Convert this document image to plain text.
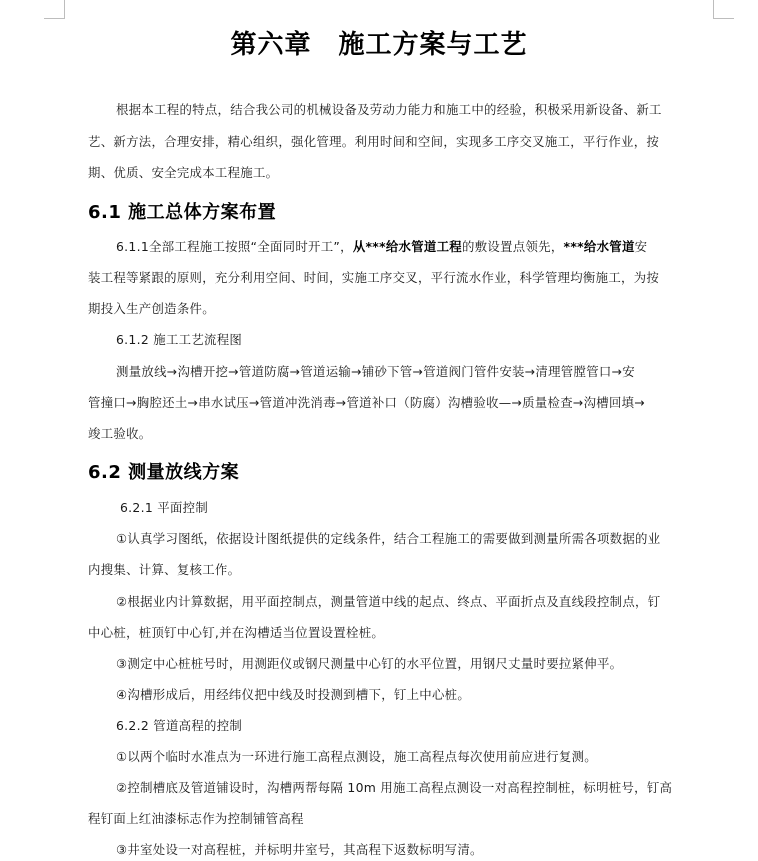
第六章　施工方案与工艺
根据本工程的特点，结合我公司的机械设备及劳动力能力和施工中的经验，积极采用新设备、新工
艺、新方法，合理安排，精心组织，强化管理。利用时间和空间，实现多工序交叉施工，平行作业，按
期、优质、安全完成本工程施工。
6.1 施工总体方案布置
6.1.1全部工程施工按照“全面同时开工”，从***给水管道工程的敷设置点领先，***给水管道安
装工程等紧跟的原则，充分利用空间、时间，实施工序交叉，平行流水作业，科学管理均衡施工，为按
期投入生产创造条件。
6.1.2 施工工艺流程图
测量放线→沟槽开挖→管道防腐→管道运输→铺砂下管→管道阀门管件安装→清理管膛管口→安
管撞口→胸腔还土→串水试压→管道冲洗消毒→管道补口（防腐）沟槽验收—→质量检查→沟槽回填→
竣工验收。
6.2 测量放线方案
6.2.1 平面控制
①认真学习图纸，依据设计图纸提供的定线条件，结合工程施工的需要做到测量所需各项数据的业
内搜集、计算、复核工作。
②根据业内计算数据，用平面控制点，测量管道中线的起点、终点、平面折点及直线段控制点，钉
中心桩，桩顶钉中心钉,并在沟槽适当位置设置栓桩。
③测定中心桩桩号时，用测距仪或钢尺测量中心钉的水平位置，用钢尺丈量时要拉紧伸平。
④沟槽形成后，用经纬仪把中线及时投测到槽下，钉上中心桩。
6.2.2 管道高程的控制
①以两个临时水准点为一环进行施工高程点测设，施工高程点每次使用前应进行复测。
②控制槽底及管道铺设时，沟槽两帮每隔 10m 用施工高程点测设一对高程控制桩，标明桩号，钉高
程钉面上红油漆标志作为控制铺管高程
③井室处设一对高程桩，并标明井室号，其高程下返数标明写清。
